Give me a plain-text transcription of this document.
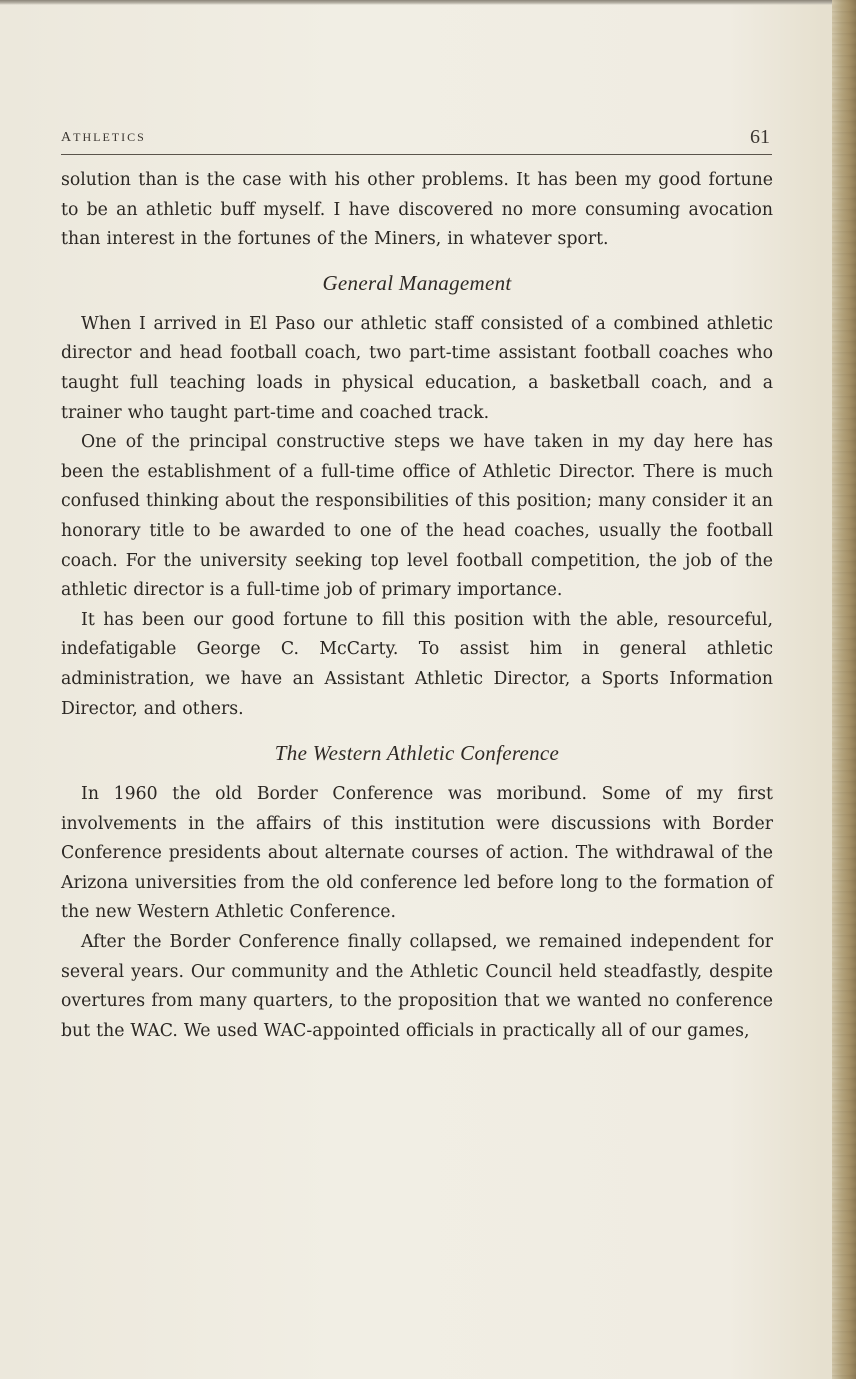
ATHLETICS	61

solution than is the case with his other problems. It has been my good fortune to be an athletic buff myself. I have discovered no more consuming avocation than interest in the fortunes of the Miners, in whatever sport.

General Management

When I arrived in El Paso our athletic staff consisted of a combined athletic director and head football coach, two part-time assistant football coaches who taught full teaching loads in physical education, a basketball coach, and a trainer who taught part-time and coached track.

One of the principal constructive steps we have taken in my day here has been the establishment of a full-time office of Athletic Director. There is much confused thinking about the responsibilities of this position; many consider it an honorary title to be awarded to one of the head coaches, usually the football coach. For the university seeking top level football competition, the job of the athletic director is a full-time job of primary importance.

It has been our good fortune to fill this position with the able, resourceful, indefatigable George C. McCarty. To assist him in general athletic administration, we have an Assistant Athletic Director, a Sports Information Director, and others.

The Western Athletic Conference

In 1960 the old Border Conference was moribund. Some of my first involvements in the affairs of this institution were discussions with Border Conference presidents about alternate courses of action. The withdrawal of the Arizona universities from the old conference led before long to the formation of the new Western Athletic Conference.

After the Border Conference finally collapsed, we remained independent for several years. Our community and the Athletic Council held steadfastly, despite overtures from many quarters, to the proposition that we wanted no conference but the WAC. We used WAC-appointed officials in practically all of our games,
